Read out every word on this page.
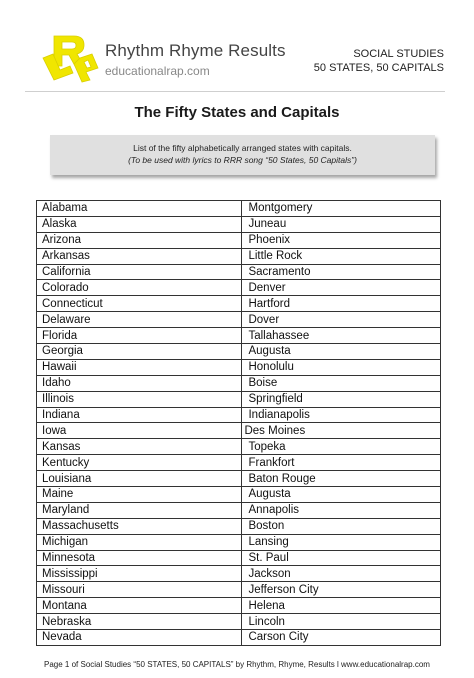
Rhythm Rhyme Results
educationalrap.com
SOCIAL STUDIES
50 STATES, 50 CAPITALS
The Fifty States and Capitals
List of the fifty alphabetically arranged states with capitals.
(To be used with lyrics to RRR song “50 States, 50 Capitals”)
Alabama	Montgomery
Alaska	Juneau
Arizona	Phoenix
Arkansas	Little Rock
California	Sacramento
Colorado	Denver
Connecticut	Hartford
Delaware	Dover
Florida	Tallahassee
Georgia	Augusta
Hawaii	Honolulu
Idaho	Boise
Illinois	Springfield
Indiana	Indianapolis
Iowa	Des Moines
Kansas	Topeka
Kentucky	Frankfort
Louisiana	Baton Rouge
Maine	Augusta
Maryland	Annapolis
Massachusetts	Boston
Michigan	Lansing
Minnesota	St. Paul
Mississippi	Jackson
Missouri	Jefferson City
Montana	Helena
Nebraska	Lincoln
Nevada	Carson City
Page 1 of Social Studies “50 STATES, 50 CAPITALS” by Rhythm, Rhyme, Results l www.educationalrap.com
